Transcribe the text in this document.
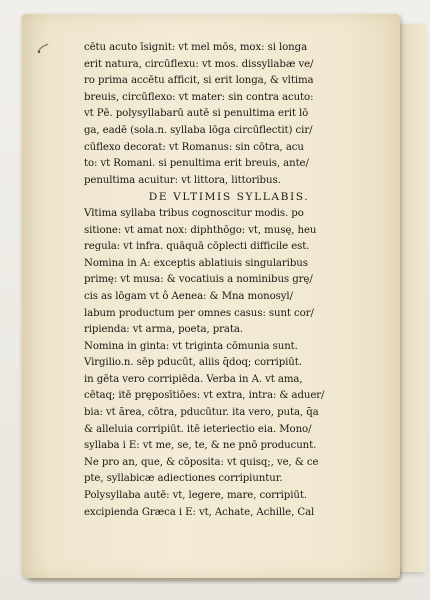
cētu acuto īsignit: vt mel mōs, mox: si longa
erit natura, circūflexu: vt mos. dissyllabæ ve/
ro prima accētu afficit, si erit longa, & vltima
breuis, circūflexo: vt mater: sin contra acuto:
vt Pē. polysyllabarū autē si penultima erit lō
ga, eadē (sola.n. syllaba lōga circūflectit) cir/
cūflexo decorat: vt Romanus: sin cōtra, acu
to: vt Romani. si penultima erit breuis, ante/
penultima acuitur: vt littora, littoribus.
DE VLTIMIS SYLLABIS.
Vltima syllaba tribus cognoscitur modis. po
sitione: vt amat nox: diphthōgo: vt, musę, heu
regula: vt infra. quāquā cōplecti difficile est.
Nomina in A: exceptis ablatiuis singularibus
primę: vt musa: & vocatiuis a nominibus grę/
cis as lōgam vt ô Aenea: & Mna monosyl/
labum productum per omnes casus: sunt cor/
ripienda: vt arma, poeta, prata.
Nomina in ginta: vt triginta cōmunia sunt.
Virgilio.n. sēp pducūt, aliis q̄doq; corripiūt.
in gēta vero corripiēda. Verba in A. vt ama,
cētaq; itē pręposītiōes: vt extra, intra: & aduer/
bia: vt ãrea, cōtra, pducūtur. ita vero, puta, q̄a
& alleluia corripiūt. itē ieteriectio eia. Mono/
syllaba i E: vt me, se, te, & ne pnō producunt.
Ne pro an, que, & cōposita: vt quisq;, ve, & ce
pte, syllabicæ adiectiones corripiuntur.
Polysyllaba autē: vt, legere, mare, corripiūt.
excipienda Græca i E: vt, Achate, Achille, Cal
